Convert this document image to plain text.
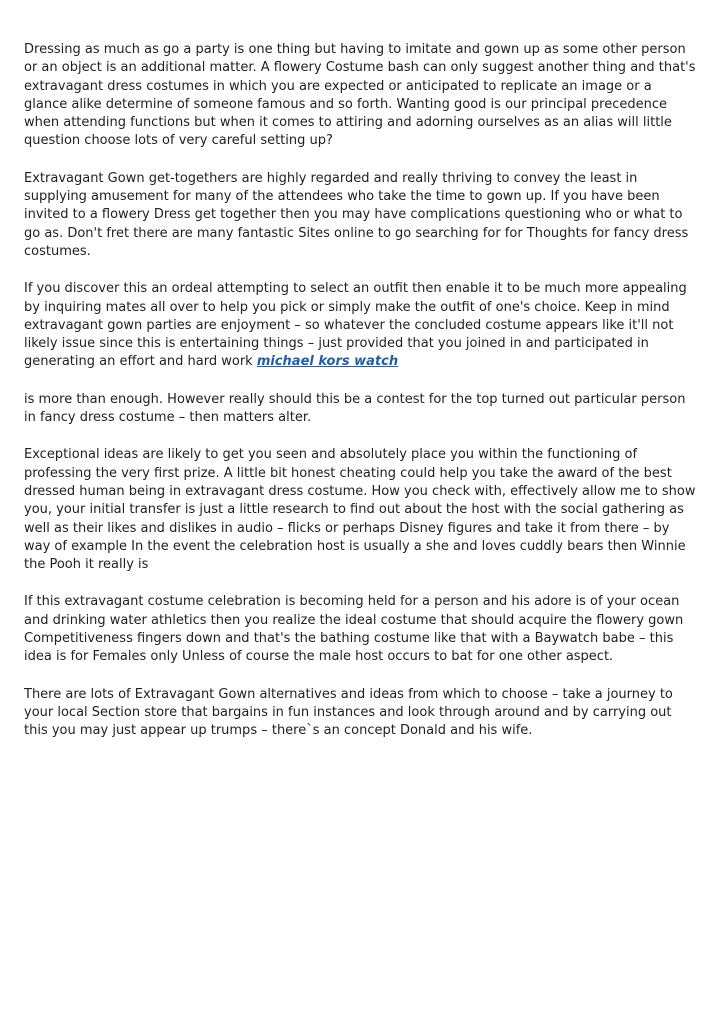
Dressing as much as go a party is one thing but having to imitate and gown up as some other person or an object is an additional matter. A flowery Costume bash can only suggest another thing and that's extravagant dress costumes in which you are expected or anticipated to replicate an image or a glance alike determine of someone famous and so forth. Wanting good is our principal precedence when attending functions but when it comes to attiring and adorning ourselves as an alias will little question choose lots of very careful setting up?

Extravagant Gown get-togethers are highly regarded and really thriving to convey the least in supplying amusement for many of the attendees who take the time to gown up. If you have been invited to a flowery Dress get together then you may have complications questioning who or what to go as. Don't fret there are many fantastic Sites online to go searching for for Thoughts for fancy dress costumes.

If you discover this an ordeal attempting to select an outfit then enable it to be much more appealing by inquiring mates all over to help you pick or simply make the outfit of one's choice. Keep in mind extravagant gown parties are enjoyment – so whatever the concluded costume appears like it'll not likely issue since this is entertaining things – just provided that you joined in and participated in generating an effort and hard work michael kors watch

is more than enough. However really should this be a contest for the top turned out particular person in fancy dress costume – then matters alter.

Exceptional ideas are likely to get you seen and absolutely place you within the functioning of professing the very first prize. A little bit honest cheating could help you take the award of the best dressed human being in extravagant dress costume. How you check with, effectively allow me to show you, your initial transfer is just a little research to find out about the host with the social gathering as well as their likes and dislikes in audio – flicks or perhaps Disney figures and take it from there – by way of example In the event the celebration host is usually a she and loves cuddly bears then Winnie the Pooh it really is

If this extravagant costume celebration is becoming held for a person and his adore is of your ocean and drinking water athletics then you realize the ideal costume that should acquire the flowery gown Competitiveness fingers down and that's the bathing costume like that with a Baywatch babe – this idea is for Females only Unless of course the male host occurs to bat for one other aspect.

There are lots of Extravagant Gown alternatives and ideas from which to choose – take a journey to your local Section store that bargains in fun instances and look through around and by carrying out this you may just appear up trumps – there`s an concept Donald and his wife.
